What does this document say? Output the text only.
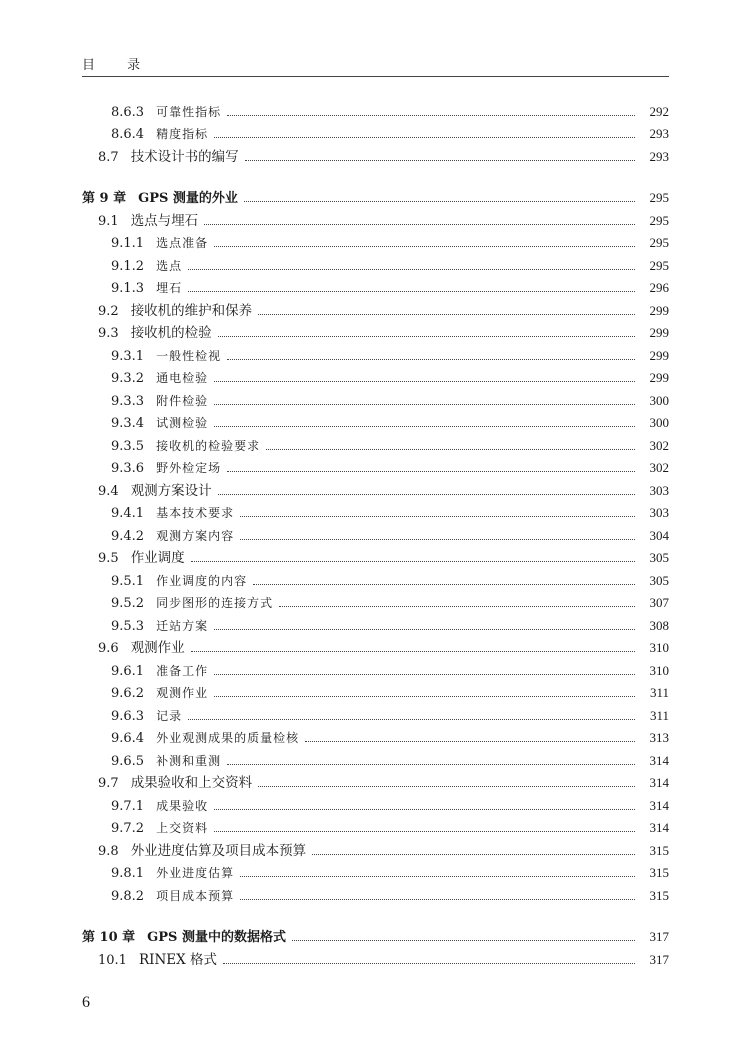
目 录
8.6.3 可靠性指标	292
8.6.4 精度指标	293
8.7 技术设计书的编写	293
第 9 章 GPS 测量的外业	295
9.1 选点与埋石	295
9.1.1 选点准备	295
9.1.2 选点	295
9.1.3 埋石	296
9.2 接收机的维护和保养	299
9.3 接收机的检验	299
9.3.1 一般性检视	299
9.3.2 通电检验	299
9.3.3 附件检验	300
9.3.4 试测检验	300
9.3.5 接收机的检验要求	302
9.3.6 野外检定场	302
9.4 观测方案设计	303
9.4.1 基本技术要求	303
9.4.2 观测方案内容	304
9.5 作业调度	305
9.5.1 作业调度的内容	305
9.5.2 同步图形的连接方式	307
9.5.3 迁站方案	308
9.6 观测作业	310
9.6.1 准备工作	310
9.6.2 观测作业	311
9.6.3 记录	311
9.6.4 外业观测成果的质量检核	313
9.6.5 补测和重测	314
9.7 成果验收和上交资料	314
9.7.1 成果验收	314
9.7.2 上交资料	314
9.8 外业进度估算及项目成本预算	315
9.8.1 外业进度估算	315
9.8.2 项目成本预算	315
第 10 章 GPS 测量中的数据格式	317
10.1 RINEX 格式	317
6
